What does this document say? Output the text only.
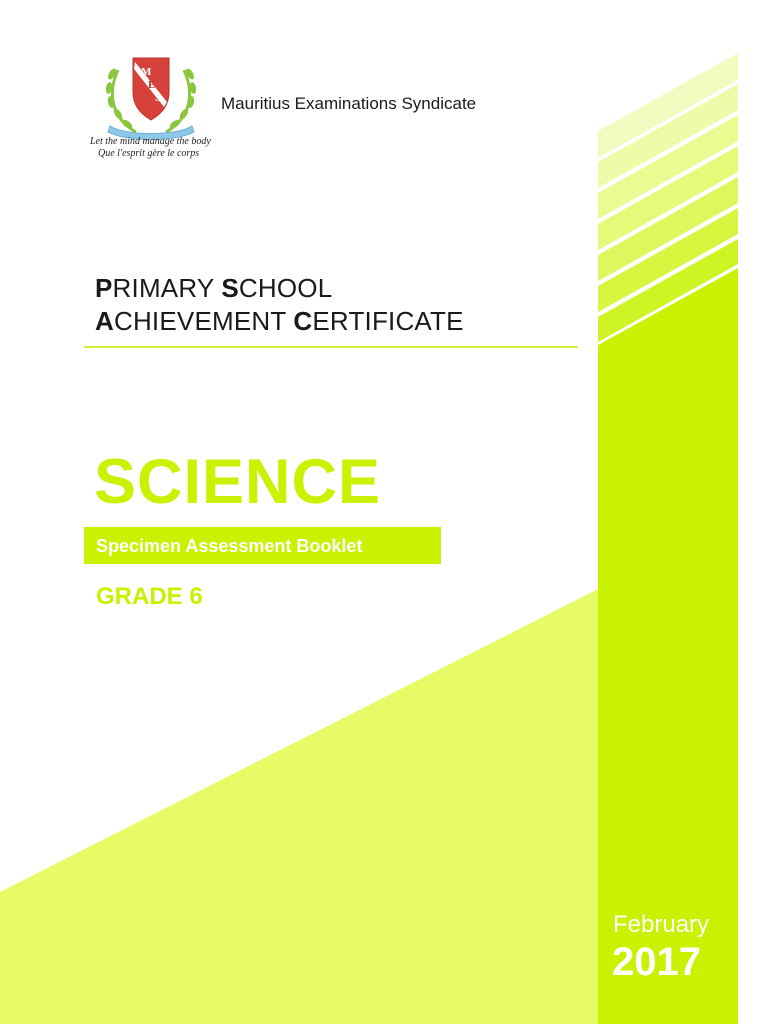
M
E
S
Let the mind manage the body
Que l'esprit gère le corps
Mauritius Examinations Syndicate
PRIMARY SCHOOL
ACHIEVEMENT CERTIFICATE
SCIENCE
Specimen Assessment Booklet
GRADE 6
February
2017
